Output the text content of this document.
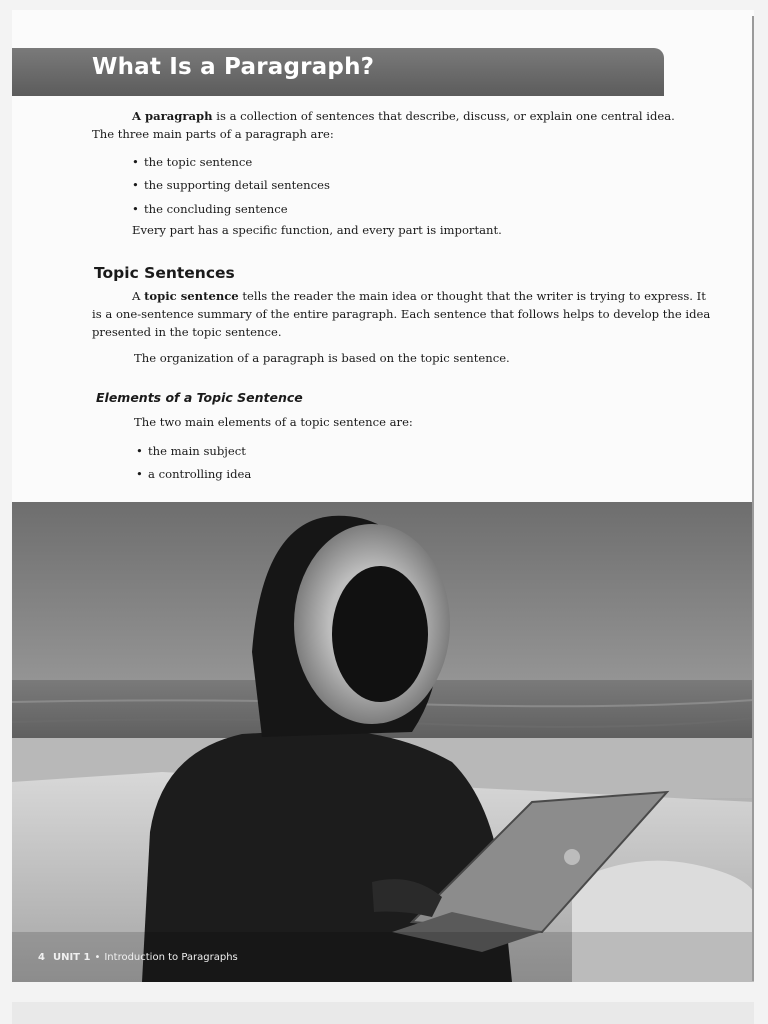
What Is a Paragraph?
A paragraph is a collection of sentences that describe, discuss, or explain one central idea.
The three main parts of a paragraph are:
• the topic sentence
• the supporting detail sentences
• the concluding sentence
Every part has a specific function, and every part is important.
Topic Sentences
A topic sentence tells the reader the main idea or thought that the writer is trying to express. It
is a one-sentence summary of the entire paragraph. Each sentence that follows helps to develop the idea
presented in the topic sentence.
The organization of a paragraph is based on the topic sentence.
Elements of a Topic Sentence
The two main elements of a topic sentence are:
• the main subject
• a controlling idea
4 UNIT 1 • Introduction to Paragraphs
